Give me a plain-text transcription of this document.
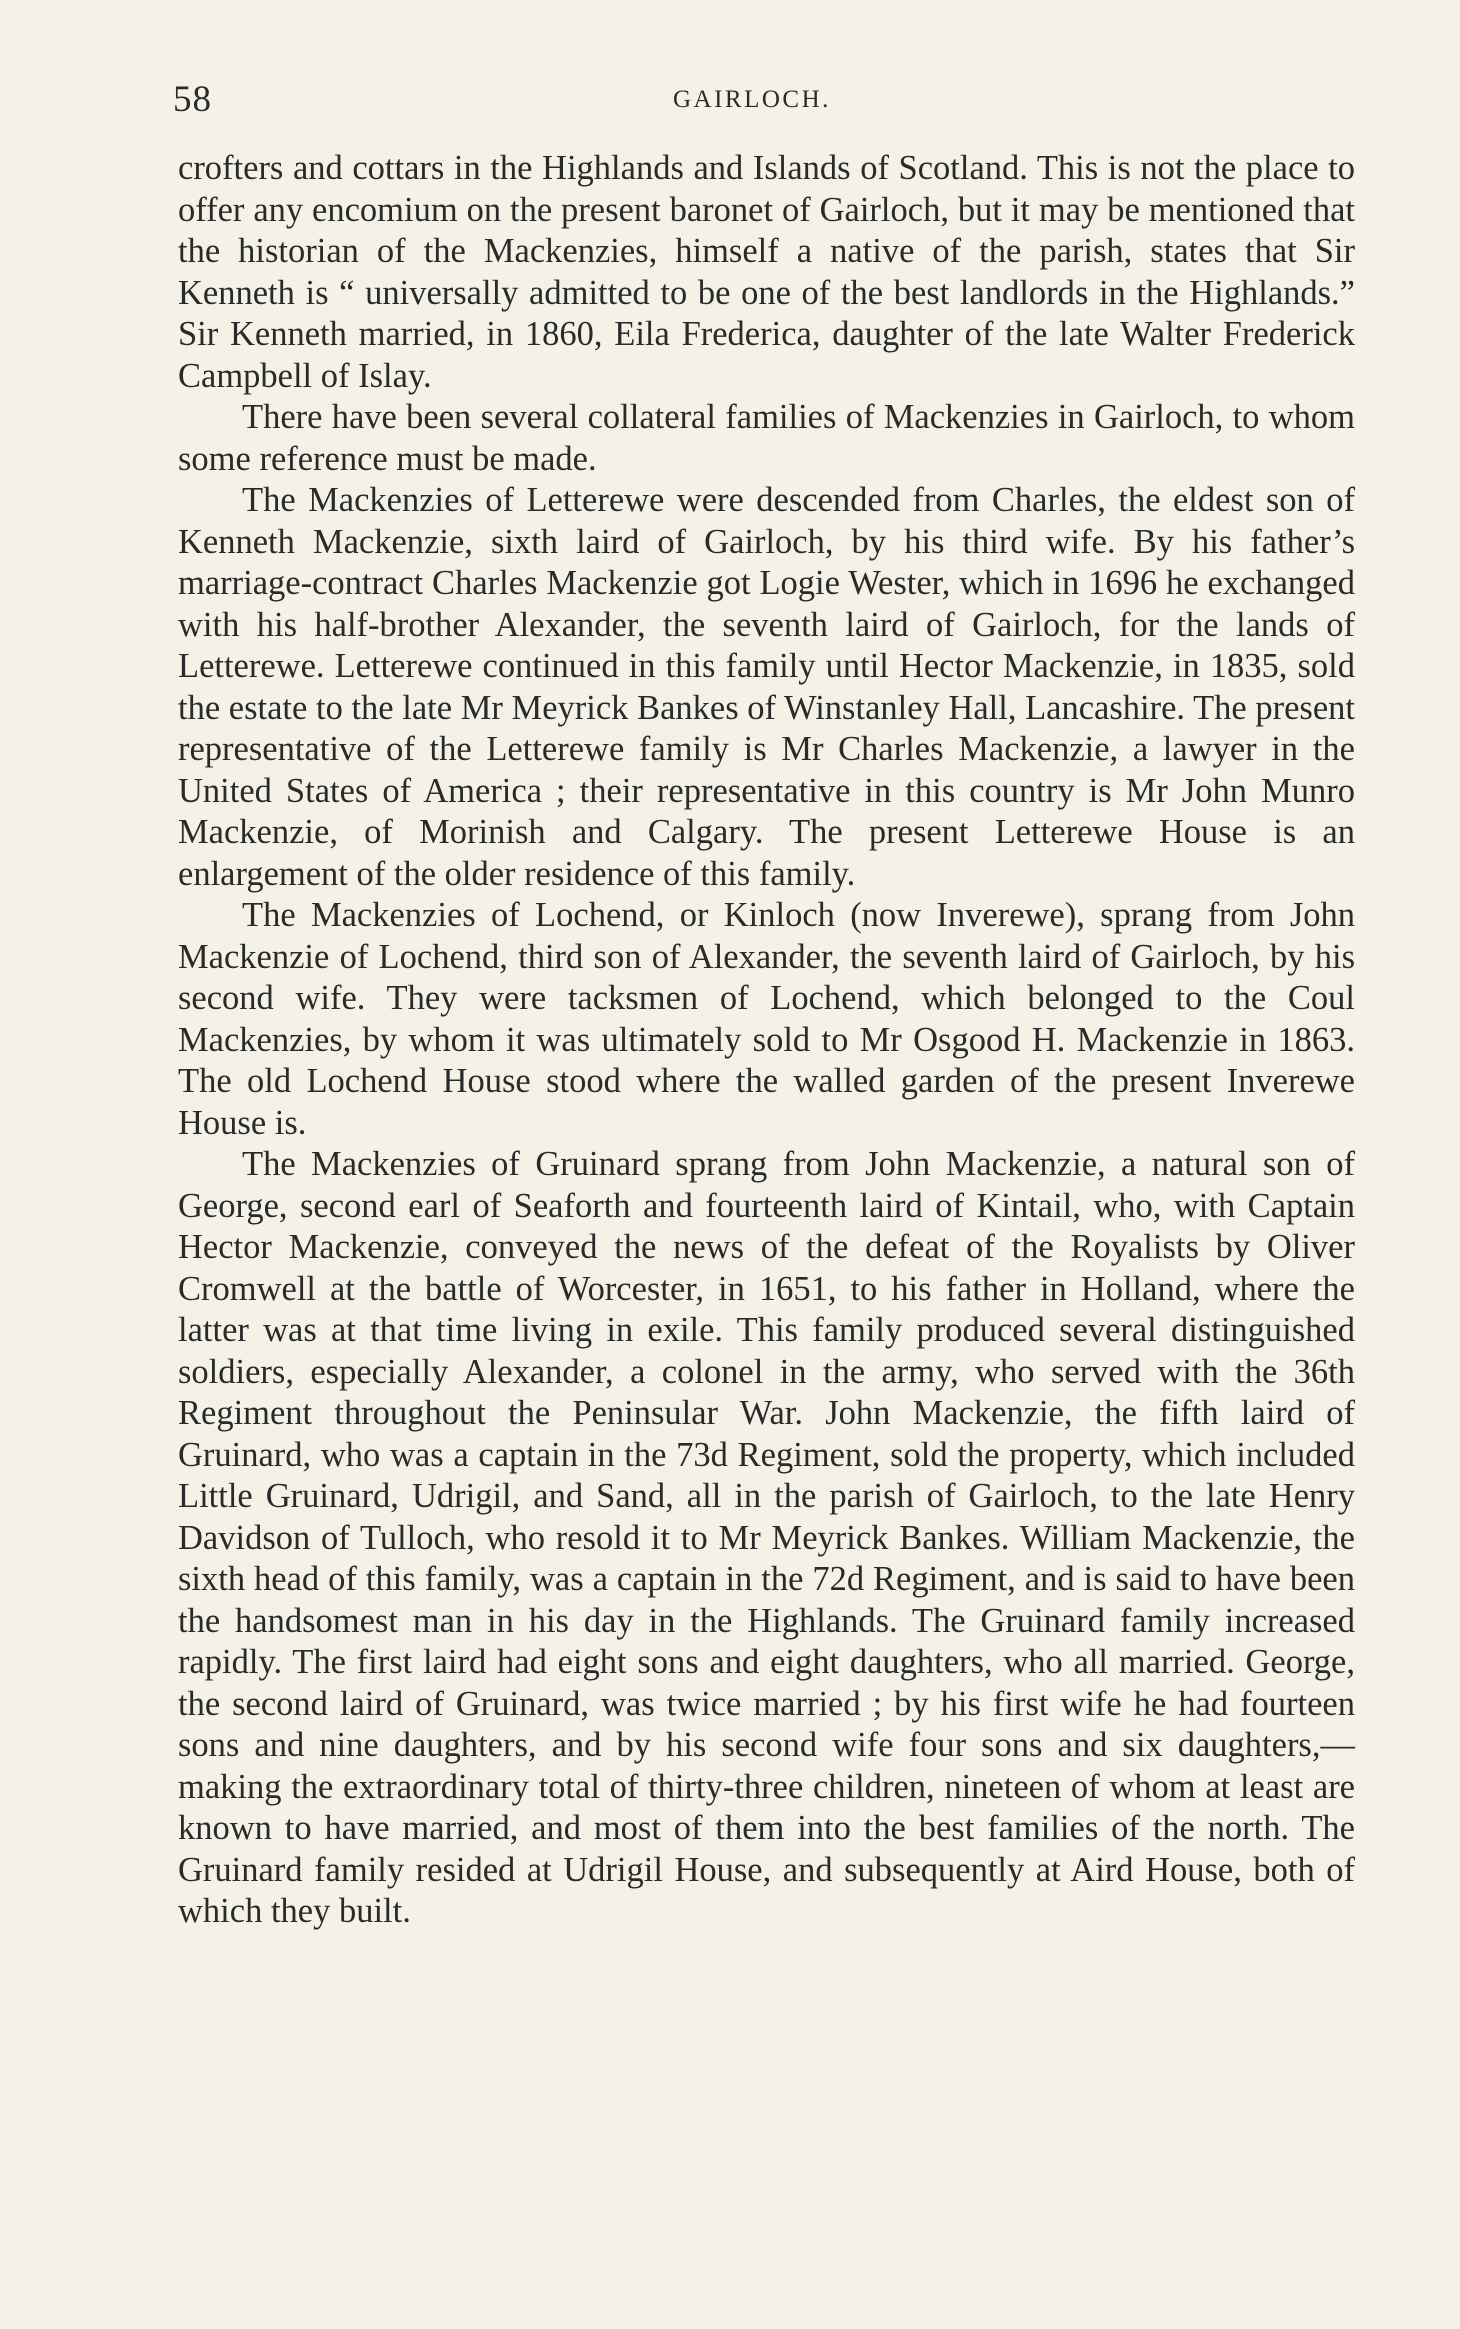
58	GAIRLOCH.

crofters and cottars in the Highlands and Islands of Scotland. This is not the place to offer any encomium on the present baronet of Gairloch, but it may be mentioned that the historian of the Mackenzies, himself a native of the parish, states that Sir Kenneth is “ universally admitted to be one of the best landlords in the Highlands.” Sir Kenneth married, in 1860, Eila Frederica, daughter of the late Walter Frederick Campbell of Islay.

There have been several collateral families of Mackenzies in Gairloch, to whom some reference must be made.

The Mackenzies of Letterewe were descended from Charles, the eldest son of Kenneth Mackenzie, sixth laird of Gairloch, by his third wife. By his father’s marriage-contract Charles Mackenzie got Logie Wester, which in 1696 he exchanged with his half-brother Alexander, the seventh laird of Gairloch, for the lands of Letterewe. Letterewe continued in this family until Hector Mackenzie, in 1835, sold the estate to the late Mr Meyrick Bankes of Winstanley Hall, Lancashire. The present representative of the Letterewe family is Mr Charles Mackenzie, a lawyer in the United States of America ; their representative in this country is Mr John Munro Mackenzie, of Morinish and Calgary. The present Letterewe House is an enlargement of the older residence of this family.

The Mackenzies of Lochend, or Kinloch (now Inverewe), sprang from John Mackenzie of Lochend, third son of Alexander, the seventh laird of Gairloch, by his second wife. They were tacksmen of Lochend, which belonged to the Coul Mackenzies, by whom it was ultimately sold to Mr Osgood H. Mackenzie in 1863. The old Lochend House stood where the walled garden of the present Inverewe House is.

The Mackenzies of Gruinard sprang from John Mackenzie, a natural son of George, second earl of Seaforth and fourteenth laird of Kintail, who, with Captain Hector Mackenzie, conveyed the news of the defeat of the Royalists by Oliver Cromwell at the battle of Worcester, in 1651, to his father in Holland, where the latter was at that time living in exile. This family produced several distinguished soldiers, especially Alexander, a colonel in the army, who served with the 36th Regiment throughout the Peninsular War. John Mackenzie, the fifth laird of Gruinard, who was a captain in the 73d Regiment, sold the property, which included Little Gruinard, Udrigil, and Sand, all in the parish of Gairloch, to the late Henry Davidson of Tulloch, who resold it to Mr Meyrick Bankes. William Mackenzie, the sixth head of this family, was a captain in the 72d Regiment, and is said to have been the handsomest man in his day in the Highlands. The Gruinard family increased rapidly. The first laird had eight sons and eight daughters, who all married. George, the second laird of Gruinard, was twice married ; by his first wife he had fourteen sons and nine daughters, and by his second wife four sons and six daughters,—making the extraordinary total of thirty-three children, nineteen of whom at least are known to have married, and most of them into the best families of the north. The Gruinard family resided at Udrigil House, and subsequently at Aird House, both of which they built.
